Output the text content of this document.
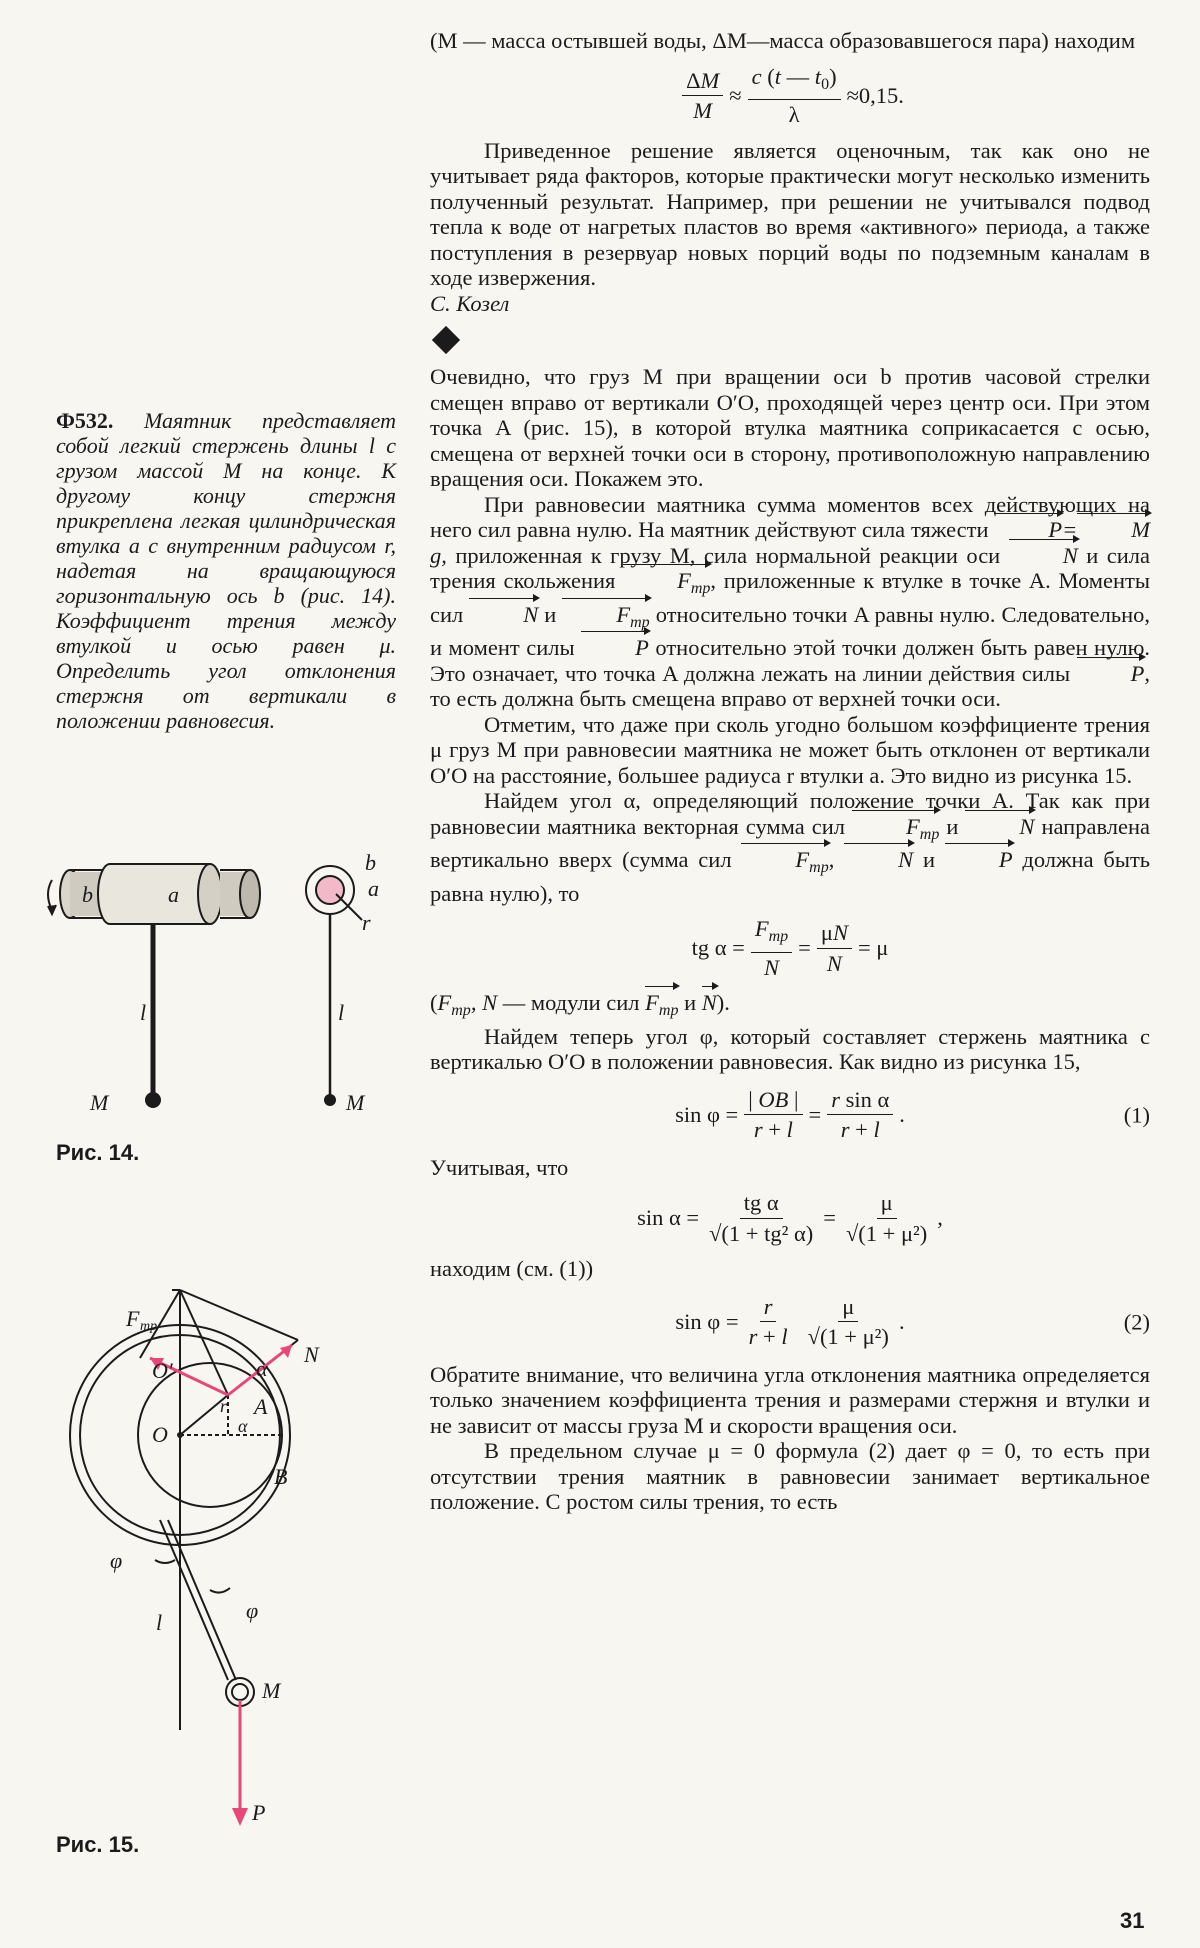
(M — масса остывшей воды, ΔM—масса образовавшегося пара) находим

$\frac{\Delta M}{M} \approx \frac{c (t — t_0)}{\lambda} \approx 0,15$.

Приведенное решение является оценочным, так как оно не учитывает ряда факторов, которые практически могут несколько изменить полученный результат. Например, при решении не учитывался подвод тепла к воде от нагретых пластов во время «активного» периода, а также поступления в резервуар новых порций воды по подземным каналам в ходе извержения.

С. Козел

Очевидно, что груз M при вращении оси b против часовой стрелки смещен вправо от вертикали O′O, проходящей через центр оси. При этом точка A (рис. 15), в которой втулка маятника соприкасается с осью, смещена от верхней точки оси в сторону, противоположную направлению вращения оси. Покажем это.

При равновесии маятника сумма моментов всех действующих на него сил равна нулю. На маятник действуют сила тяжести	P= Mg, приложенная к грузу M, сила нормальной реакции оси	N и сила трения скольжения	$F_{тр}$, приложенные к втулке в точке A. Моменты сил	N и $F_{тр}$ относительно точки A равны нулю. Следовательно, и момент силы	P относительно этой точки должен быть равен нулю. Это означает, что точка A должна лежать на линии действия силы	P, то есть должна быть смещена вправо от верхней точки оси.

Отметим, что даже при сколь угодно большом коэффициенте трения μ груз M при равновесии маятника не может быть отклонен от вертикали O′O на расстояние, большее радиуса r втулки a. Это видно из рисунка 15.

Найдем угол α, определяющий положение точки A. Так как при равновесии маятника векторная сумма сил	$F_{тр}$ и N направлена вертикально вверх (сумма сил	$F_{тр}$, N и P должна быть равна нулю), то

tg $\alpha = \frac{F_{тр}}{N} = \frac{\mu N}{N} = \mu$

($F_{тр}$, N — модули сил $F_{тр}$ и N).

Найдем теперь угол φ, который составляет стержень маятника с вертикалью O′O в положении равновесия. Как видно из рисунка 15,

$\sin \varphi = \frac{| OB |}{r + l} = \frac{\text{r sin α}}{r + l}$ .	(1)

Учитывая, что

$\sin \alpha = \frac{\text{tg α}}{\text{√(1 + tg² α)}} = \frac{\mu}{\text{√(1 + μ²)}}$ ,

находим (см. (1))

$\sin \varphi = \frac{r}{r + l} \frac{\mu}{\text{√(1 + μ²)}}$ .	(2)

Обратите внимание, что величина угла отклонения маятника определяется только значением коэффициента трения и размерами стержня и втулки и не зависит от массы груза M и скорости вращения оси.

В предельном случае μ = 0 формула (2) дает φ = 0, то есть при отсутствии трения маятник в равновесии занимает вертикальное положение. С ростом силы трения, то есть

Ф532. Маятник представляет собой легкий стержень длины l с грузом массой M на конце. К другому концу стержня прикреплена легкая цилиндрическая втулка a с внутренним радиусом r, надетая на вращающуюся горизонтальную ось b (рис. 14). Коэффициент трения между втулкой и осью равен μ. Определить угол отклонения стержня от вертикали в положении равновесия.
b	a
l
M
b
a
r
l
M
Рис. 14.
F тр
O′
N
α
A
r
α
O
B
φ
l	φ
M
P
Рис. 15.
31
